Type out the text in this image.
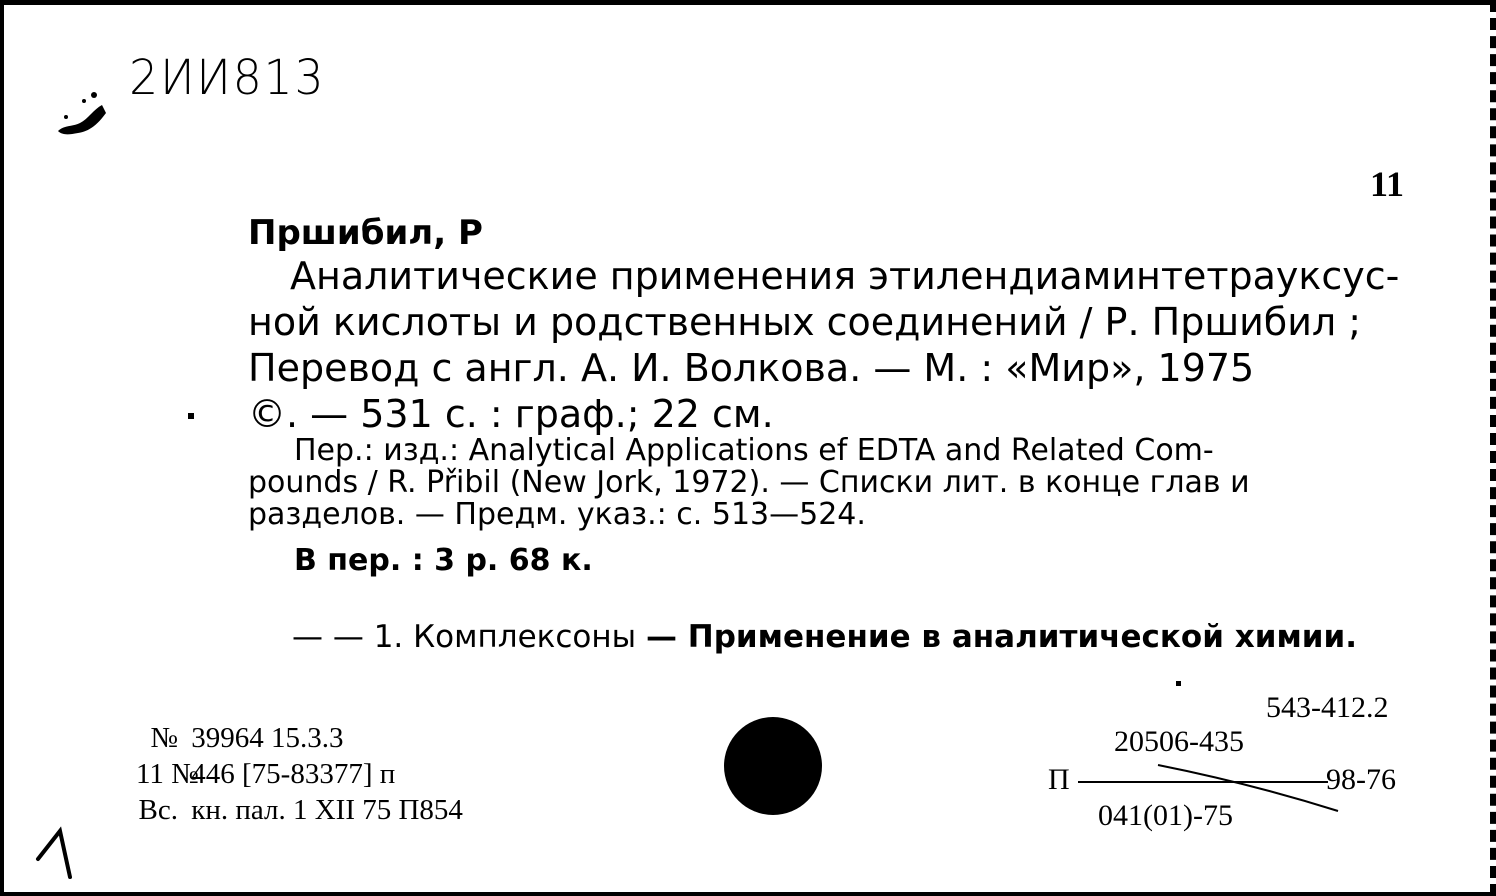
2ИИ813
11
Пршибил, Р
Аналитические применения этилендиаминтетрауксус-
ной кислоты и родственных соединений / Р. Пршибил ;
Перевод с англ. А. И. Волкова. — М. : «Мир», 1975
©. — 531 с. : граф.; 22 см.
Пер.: изд.: Analytical Applications ef EDTA and Related Com-
pounds / R. Přibil (New Jork, 1972). — Списки лит. в конце глав и
разделов. — Предм. указ.: с. 513—524.
В пер. : 3 р. 68 к.
— — 1. Комплексоны — Применение в аналитической химии.
№ 39964 15.3.3
11 № 446 [75-83377] п
Вс. кн. пал. 1 XII 75 П854
543-412.2
20506-435
П	98-76
041(01)-75
